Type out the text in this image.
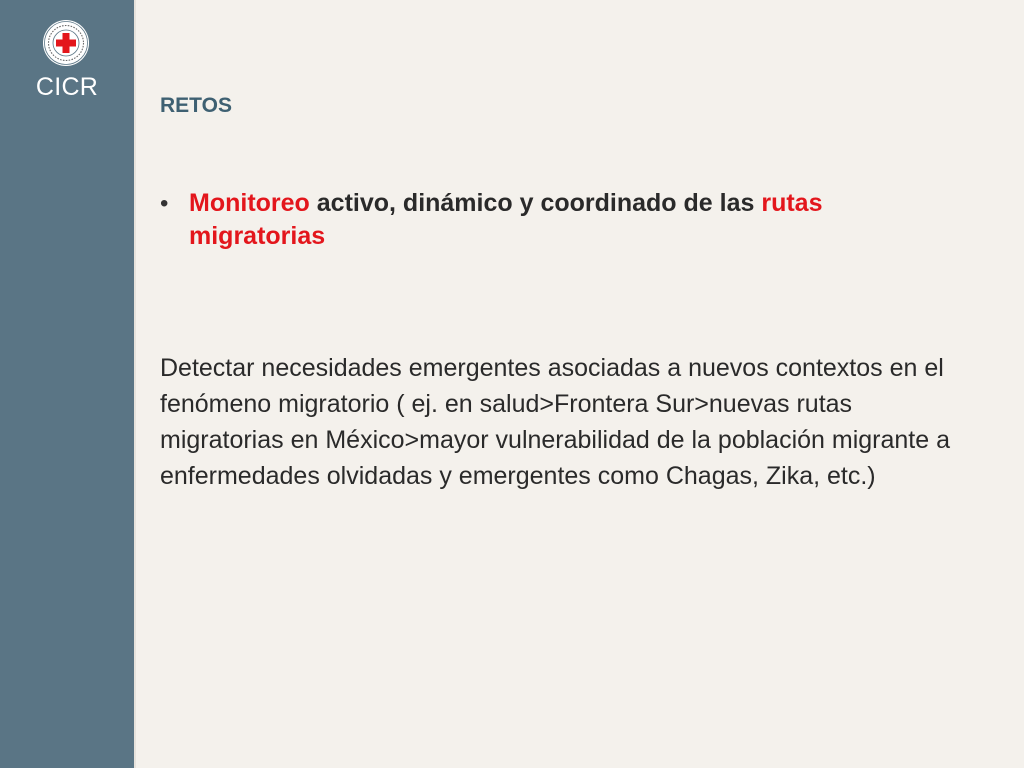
CICR
RETOS
• Monitoreo activo, dinámico y coordinado de las rutas migratorias
Detectar necesidades emergentes asociadas a nuevos contextos en el fenómeno migratorio ( ej. en salud>Frontera Sur>nuevas rutas migratorias en México>mayor vulnerabilidad de la población migrante a enfermedades olvidadas y emergentes como Chagas, Zika, etc.)
